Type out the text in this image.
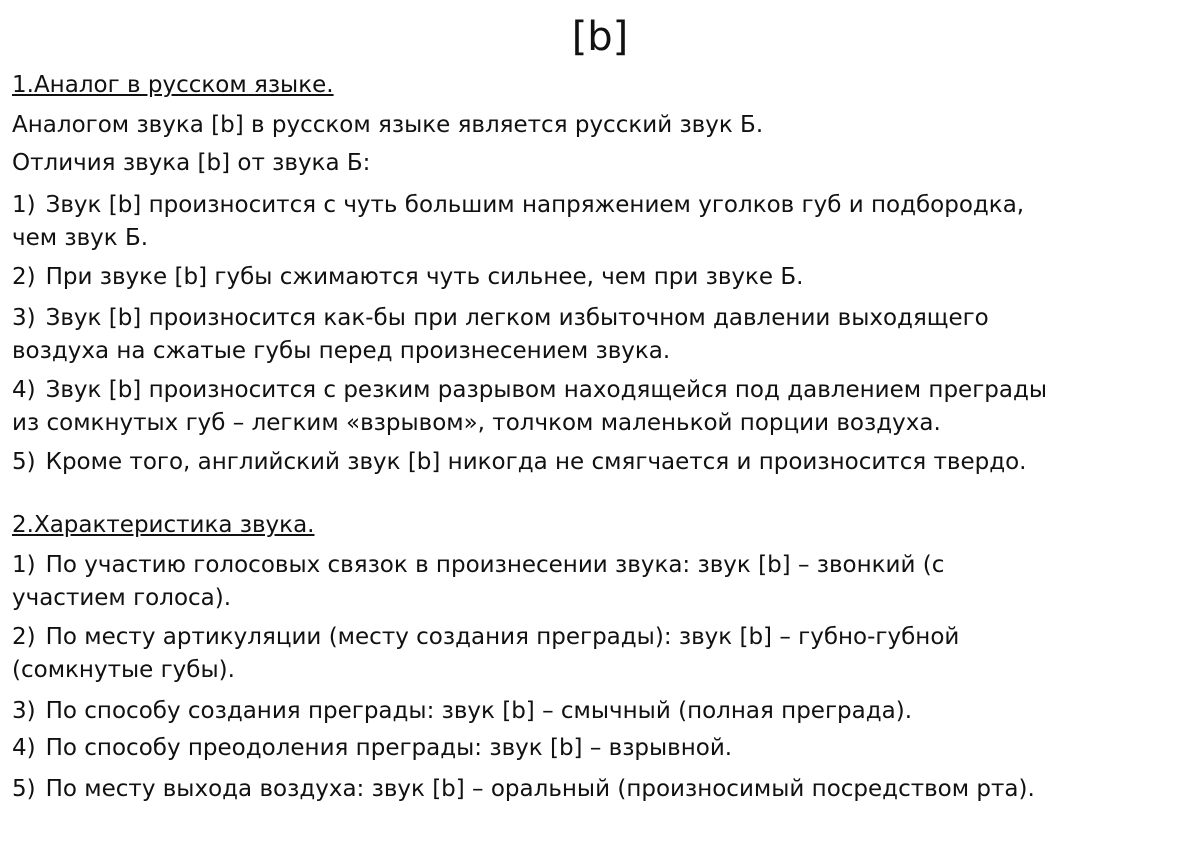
[b]
1.Аналог в русском языке.
Аналогом звука [b] в русском языке является русский звук Б.
Отличия звука [b] от звука Б:
1) Звук [b] произносится с чуть большим напряжением уголков губ и подбородка,
чем звук Б.
2) При звуке [b] губы сжимаются чуть сильнее, чем при звуке Б.
3) Звук [b] произносится как-бы при легком избыточном давлении выходящего
воздуха на сжатые губы перед произнесением звука.
4) Звук [b] произносится с резким разрывом находящейся под давлением преграды
из сомкнутых губ – легким «взрывом», толчком маленькой порции воздуха.
5) Кроме того, английский звук [b] никогда не смягчается и произносится твердо.
2.Характеристика звука.
1) По участию голосовых связок в произнесении звука: звук [b] – звонкий (с
участием голоса).
2) По месту артикуляции (месту создания преграды): звук [b] – губно-губной
(сомкнутые губы).
3) По способу создания преграды: звук [b] – смычный (полная преграда).
4) По способу преодоления преграды: звук [b] – взрывной.
5) По месту выхода воздуха: звук [b] – оральный (произносимый посредством рта).
